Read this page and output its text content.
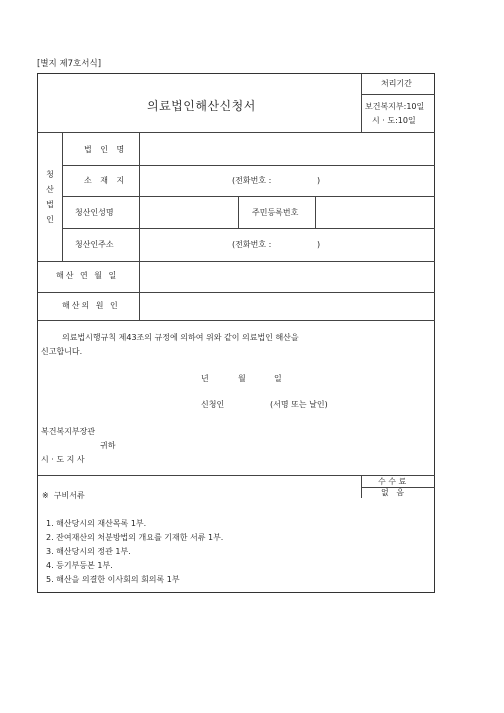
[별지 제7호서식]
의료법인해산신청서
처리기간
보건복지부:10일
시 · 도:10일
청
산
법
인
법 인 명
소 재 지	(전화번호 :                  )
청산인성명	주민등록번호
청산인주소	(전화번호 :                  )
해산 연 월 일
해산의 원 인
의료법시행규칙 제43조의 규정에 의하여 위와 같이 의료법인 해산을
신고합니다.
년	월	일
신청인	(서명 또는 날인)
복건복지부장관
귀하
시 · 도 지 사
수 수 료
없   음
※  구비서류
1. 해산당시의 재산목록 1부.
2. 잔여재산의 처분방법의 개요를 기재한 서류 1부.
3. 해산당시의 정관 1부.
4. 등기부등본 1부.
5. 해산을 의결한 이사회의 회의록 1부
